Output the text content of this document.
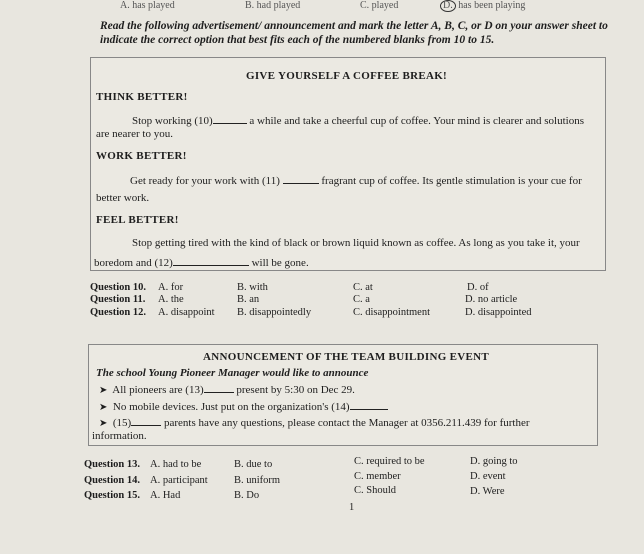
A. has played	B. had played	C. played	D. has been playing
Read the following advertisement/ announcement and mark the letter A, B, C, or D on your answer sheet to
indicate the correct option that best fits each of the numbered blanks from 10 to 15.
GIVE YOURSELF A COFFEE BREAK!
THINK BETTER!
Stop working (10)	a while and take a cheerful cup of coffee. Your mind is clearer and solutions
are nearer to you.
WORK BETTER!
Get ready for your work with (11)	fragrant cup of coffee. Its gentle stimulation is your cue for
better work.
FEEL BETTER!
Stop getting tired with the kind of black or brown liquid known as coffee. As long as you take it, your
boredom and (12)	will be gone.
Question 10. A. for	B. with	C. at	D. of
Question 11. A. the	B. an	C. a	D. no article
Question 12. A. disappoint B. disappointedly	C. disappointment	D. disappointed
ANNOUNCEMENT OF THE TEAM BUILDING EVENT
The school Young Pioneer Manager would like to announce
➤ All pioneers are (13)	present by 5:30 on Dec 29.
➤ No mobile devices. Just put on the organization's (14)
➤ (15)	parents have any questions, please contact the Manager at 0356.211.439 for further
information.
Question 13. A. had to be	B. due to	C. required to be	D. going to
Question 14. A. participant	B. uniform	C. member	D. event
Question 15. A. Had	B. Do	C. Should	D. Were
1
